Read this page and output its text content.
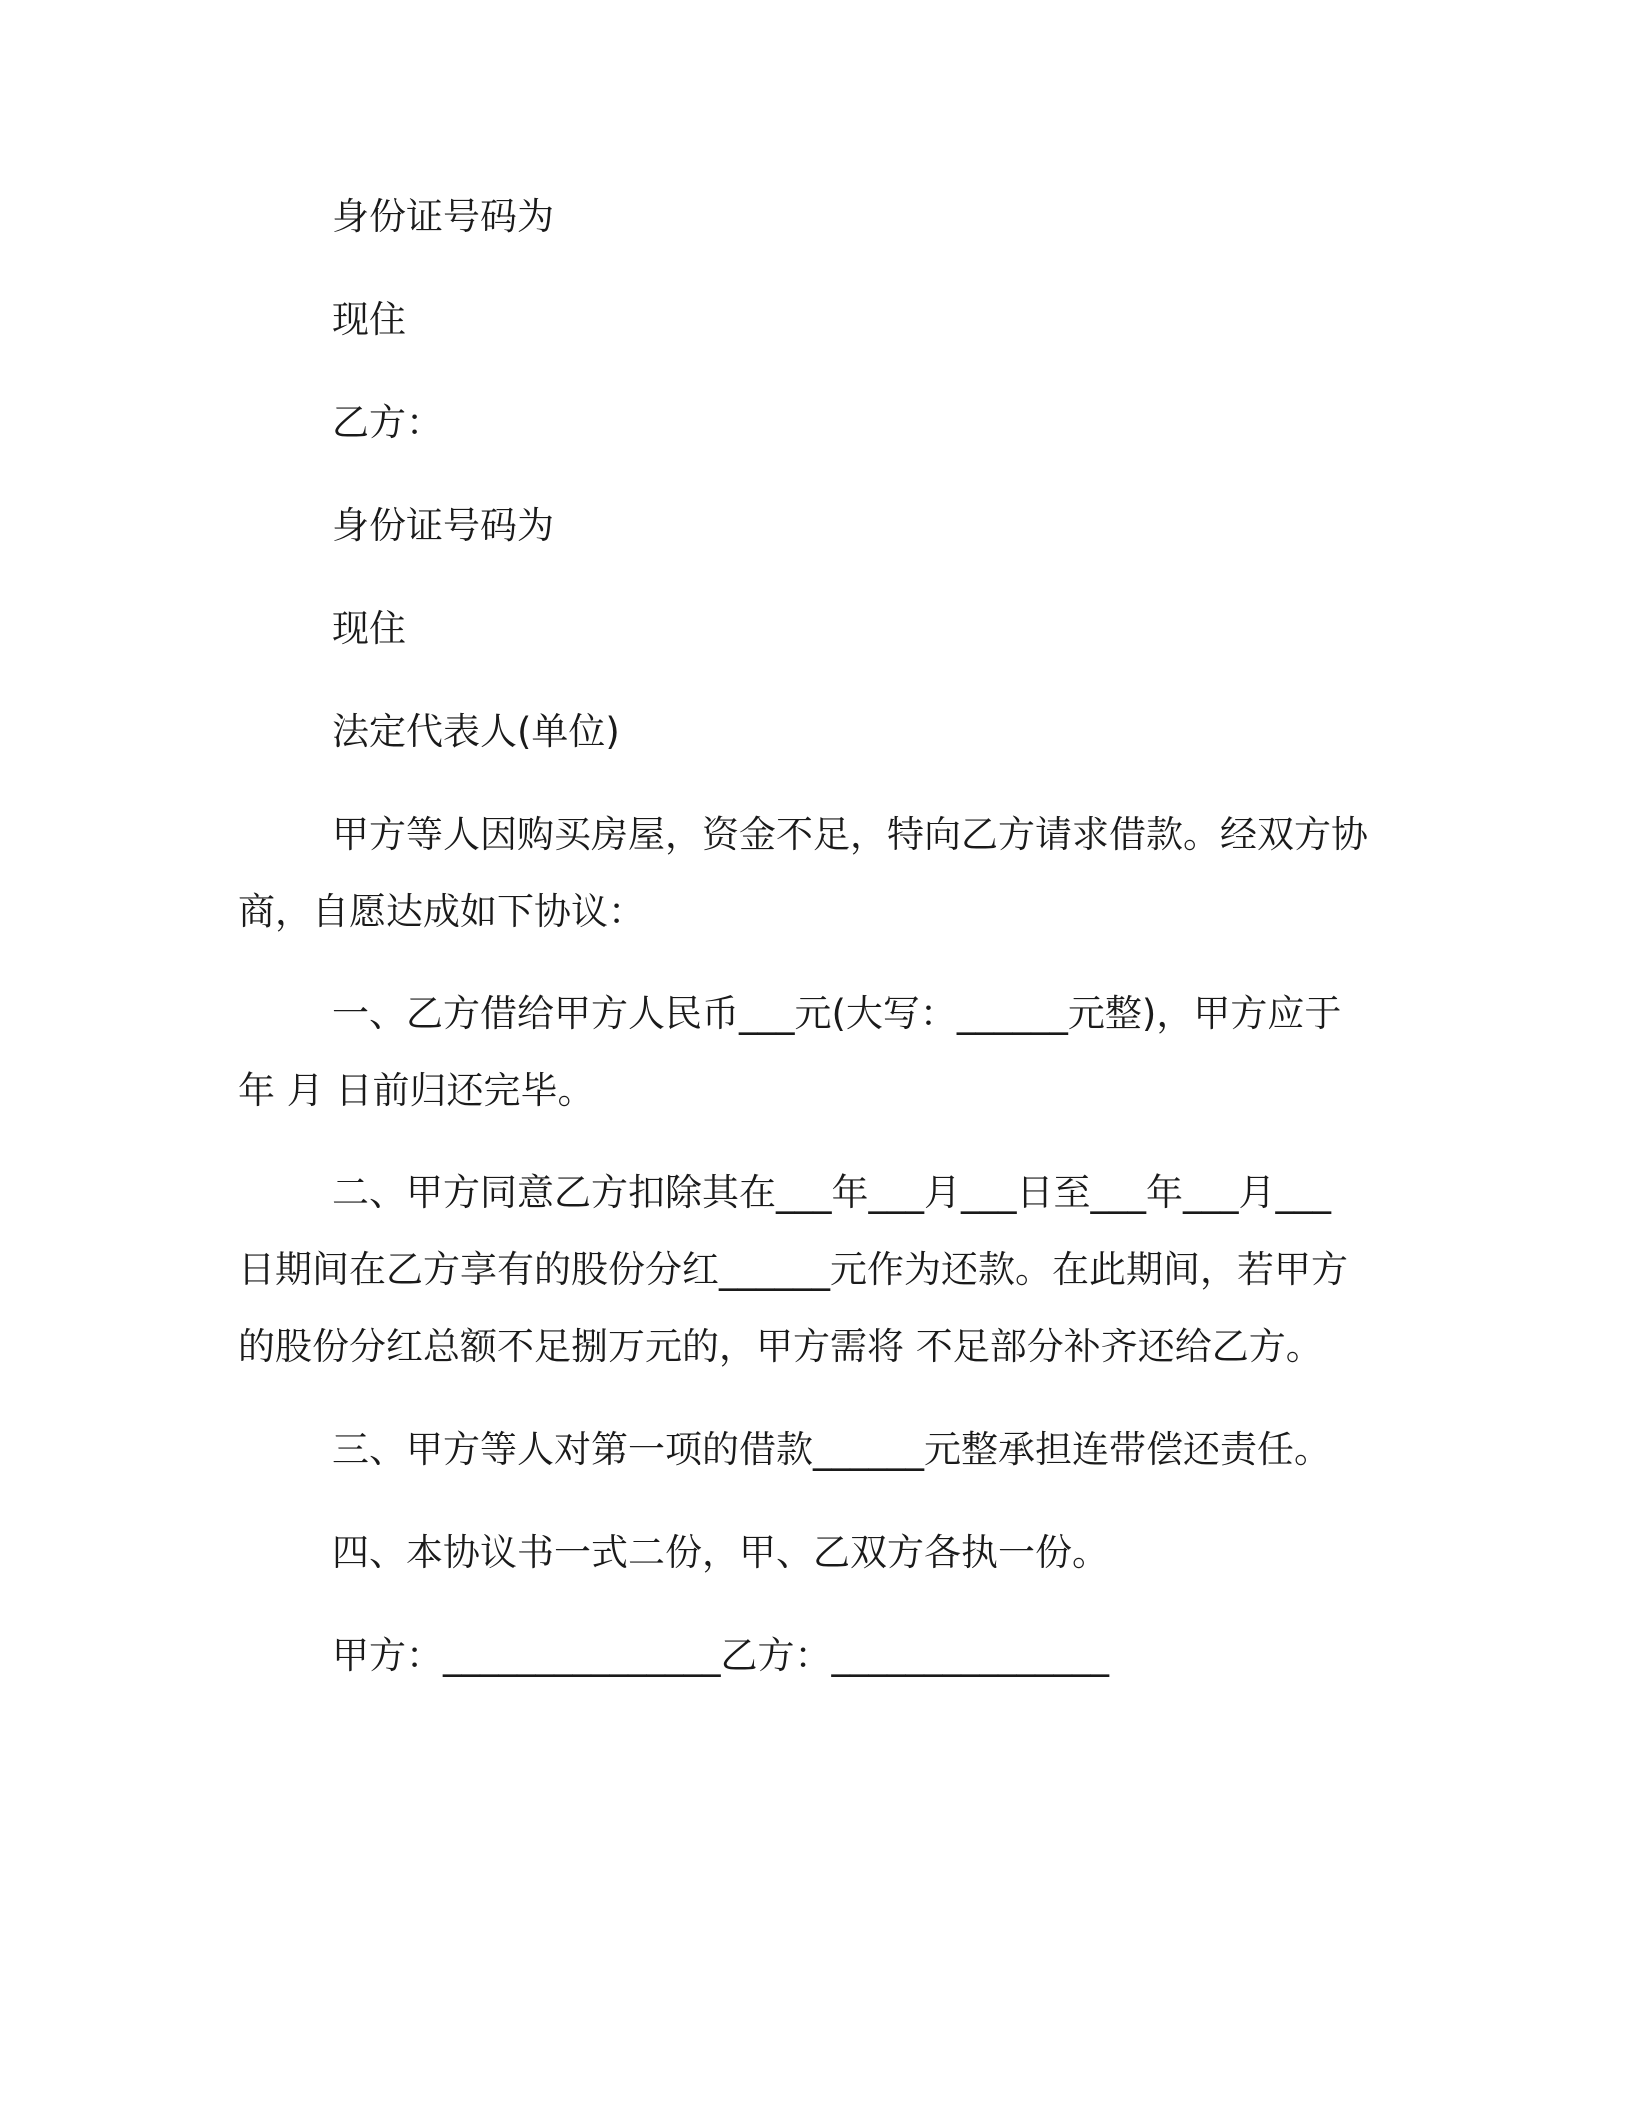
身份证号码为
现住
乙方：
身份证号码为
现住
法定代表人(单位)
甲方等人因购买房屋，资金不足，特向乙方请求借款。经双方协
商，自愿达成如下协议：
一、乙方借给甲方人民币___元(大写：______元整)，甲方应于
年 月 日前归还完毕。
二、甲方同意乙方扣除其在___年___月___日至___年___月___
日期间在乙方享有的股份分红______元作为还款。在此期间，若甲方
的股份分红总额不足捌万元的，甲方需将 不足部分补齐还给乙方。
三、甲方等人对第一项的借款______元整承担连带偿还责任。
四、本协议书一式二份，甲、乙双方各执一份。
甲方：_______________乙方：_______________
